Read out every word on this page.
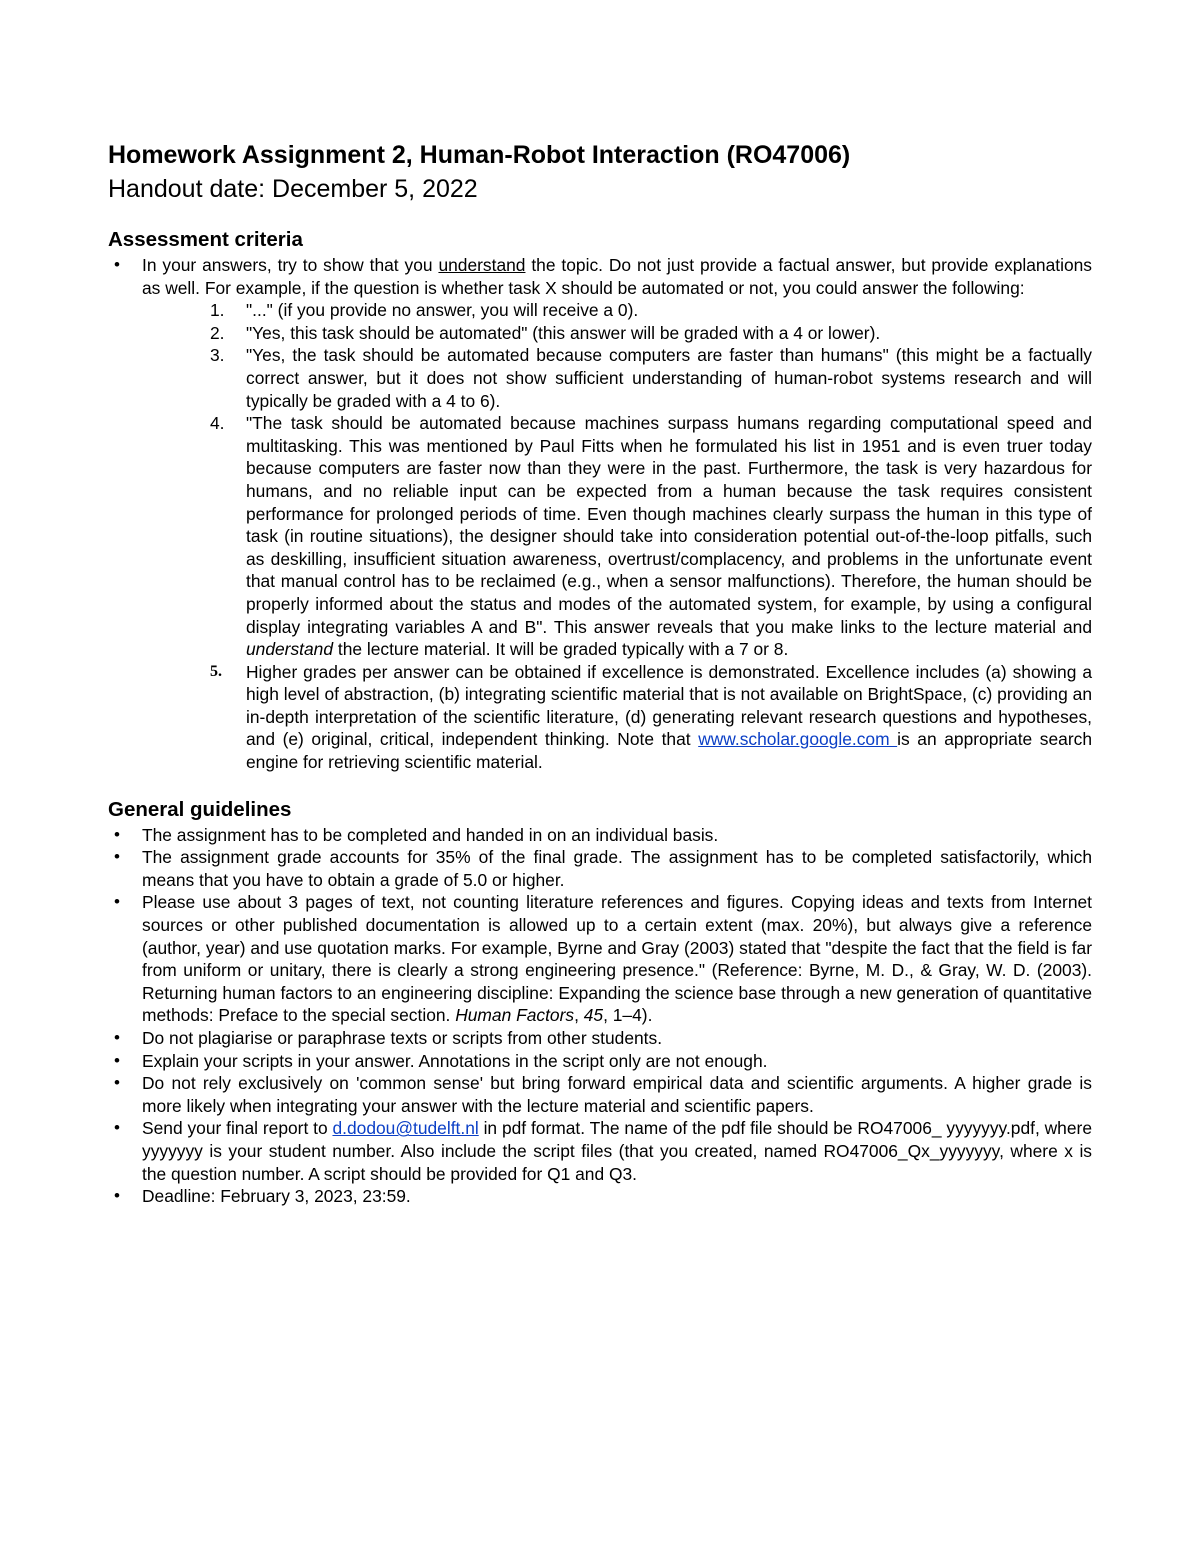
Homework Assignment 2, Human-Robot Interaction (RO47006)
Handout date: December 5, 2022
Assessment criteria
• In your answers, try to show that you understand the topic. Do not just provide a factual answer, but provide explanations as well. For example, if the question is whether task X should be automated or not, you could answer the following:
1. "..." (if you provide no answer, you will receive a 0).
2. "Yes, this task should be automated" (this answer will be graded with a 4 or lower).
3. "Yes, the task should be automated because computers are faster than humans" (this might be a factually correct answer, but it does not show sufficient understanding of human-robot systems research and will typically be graded with a 4 to 6).
4. "The task should be automated because machines surpass humans regarding computational speed and multitasking. This was mentioned by Paul Fitts when he formulated his list in 1951 and is even truer today because computers are faster now than they were in the past. Furthermore, the task is very hazardous for humans, and no reliable input can be expected from a human because the task requires consistent performance for prolonged periods of time. Even though machines clearly surpass the human in this type of task (in routine situations), the designer should take into consideration potential out-of-the-loop pitfalls, such as deskilling, insufficient situation awareness, overtrust/complacency, and problems in the unfortunate event that manual control has to be reclaimed (e.g., when a sensor malfunctions). Therefore, the human should be properly informed about the status and modes of the automated system, for example, by using a configural display integrating variables A and B". This answer reveals that you make links to the lecture material and understand the lecture material. It will be graded typically with a 7 or 8.
5. Higher grades per answer can be obtained if excellence is demonstrated. Excellence includes (a) showing a high level of abstraction, (b) integrating scientific material that is not available on BrightSpace, (c) providing an in-depth interpretation of the scientific literature, (d) generating relevant research questions and hypotheses, and (e) original, critical, independent thinking. Note that www.scholar.google.com is an appropriate search engine for retrieving scientific material.
General guidelines
• The assignment has to be completed and handed in on an individual basis.
• The assignment grade accounts for 35% of the final grade. The assignment has to be completed satisfactorily, which means that you have to obtain a grade of 5.0 or higher.
• Please use about 3 pages of text, not counting literature references and figures. Copying ideas and texts from Internet sources or other published documentation is allowed up to a certain extent (max. 20%), but always give a reference (author, year) and use quotation marks. For example, Byrne and Gray (2003) stated that "despite the fact that the field is far from uniform or unitary, there is clearly a strong engineering presence." (Reference: Byrne, M. D., & Gray, W. D. (2003). Returning human factors to an engineering discipline: Expanding the science base through a new generation of quantitative methods: Preface to the special section. Human Factors, 45, 1–4).
• Do not plagiarise or paraphrase texts or scripts from other students.
• Explain your scripts in your answer. Annotations in the script only are not enough.
• Do not rely exclusively on 'common sense' but bring forward empirical data and scientific arguments. A higher grade is more likely when integrating your answer with the lecture material and scientific papers.
• Send your final report to d.dodou@tudelft.nl in pdf format. The name of the pdf file should be RO47006_ yyyyyyy.pdf, where yyyyyyy is your student number. Also include the script files (that you created, named RO47006_Qx_yyyyyyy, where x is the question number. A script should be provided for Q1 and Q3.
• Deadline: February 3, 2023, 23:59.
